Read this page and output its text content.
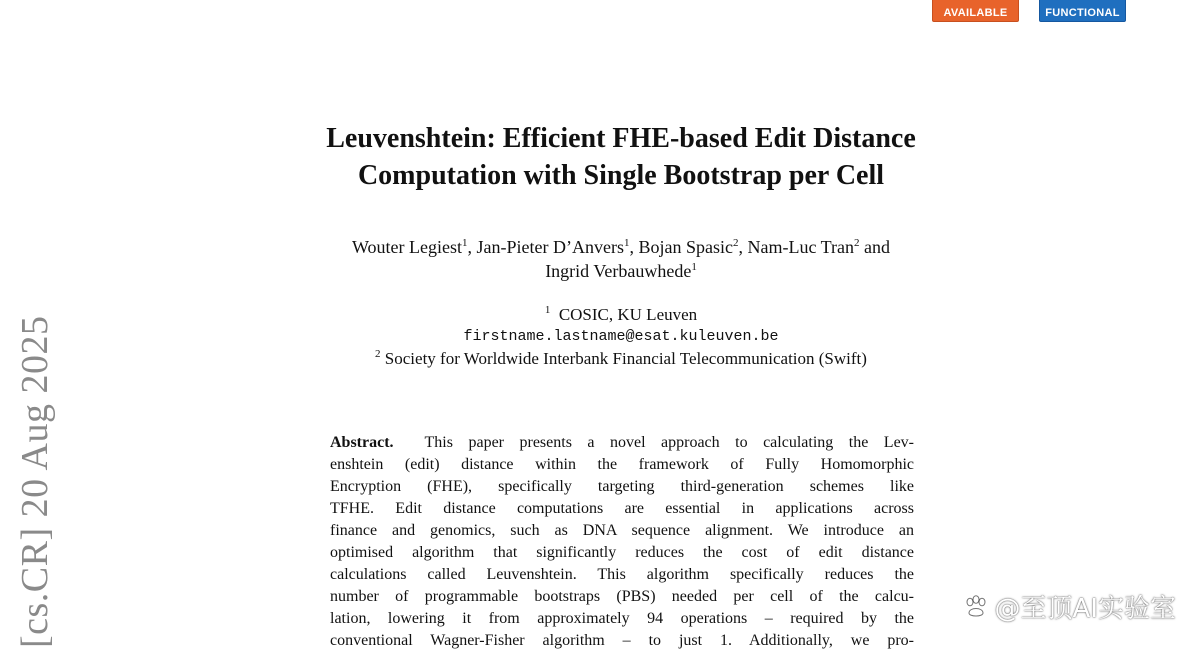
AVAILABLE	FUNCTIONAL
[cs.CR] 20 Aug 2025
Leuvenshtein: Efficient FHE-based Edit Distance
Computation with Single Bootstrap per Cell
Wouter Legiest$^1$, Jan-Pieter D’Anvers$^1$, Bojan Spasic$^2$, Nam-Luc Tran$^2$ and
Ingrid Verbauwhede$^1$
$^1$ COSIC, KU Leuven
firstname.lastname@esat.kuleuven.be
$^2$ Society for Worldwide Interbank Financial Telecommunication (Swift)
Abstract. This paper presents a novel approach to calculating the Lev-
enshtein (edit) distance within the framework of Fully Homomorphic
Encryption (FHE), specifically targeting third-generation schemes like
TFHE. Edit distance computations are essential in applications across
finance and genomics, such as DNA sequence alignment. We introduce an
optimised algorithm that significantly reduces the cost of edit distance
calculations called Leuvenshtein. This algorithm specifically reduces the
number of programmable bootstraps (PBS) needed per cell of the calcu-
lation, lowering it from approximately 94 operations – required by the
conventional Wagner-Fisher algorithm – to just 1. Additionally, we pro-
@至顶AI实验室
